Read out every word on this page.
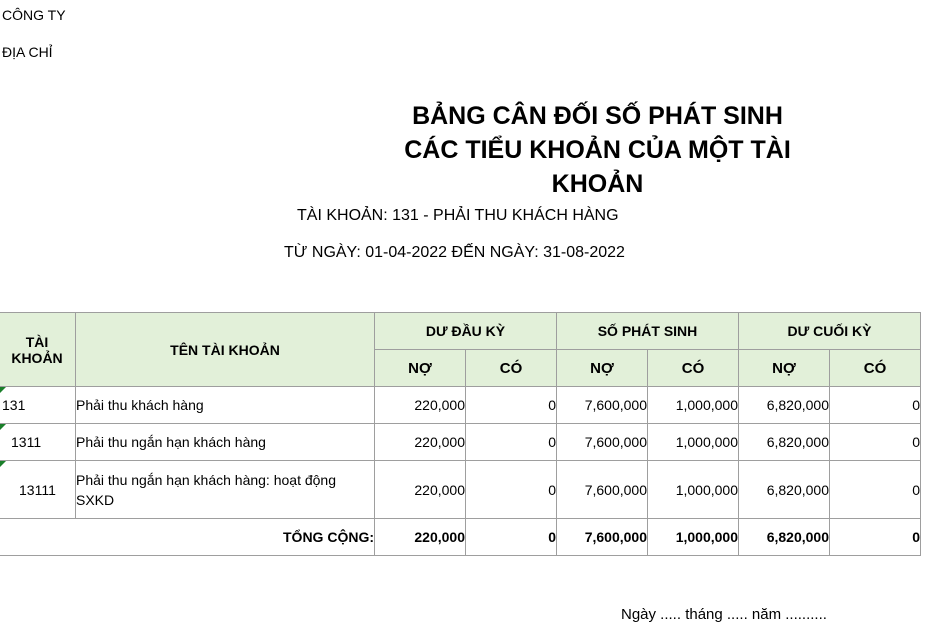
CÔNG TY
ĐỊA CHỈ
BẢNG CÂN ĐỐI SỐ PHÁT SINH
CÁC TIỂU KHOẢN CỦA MỘT TÀI
KHOẢN
TÀI KHOẢN: 131 - PHẢI THU KHÁCH HÀNG
TỪ NGÀY: 01-04-2022 ĐẾN NGÀY: 31-08-2022
TÀI
KHOẢN	TÊN TÀI KHOẢN	DƯ ĐẦU KỲ		SỐ PHÁT SINH		DƯ CUỐI KỲ	
		NỢ	CÓ	NỢ	CÓ	NỢ	CÓ

131	Phải thu khách hàng	220,000	0	7,600,000	1,000,000	6,820,000	0

1311	Phải thu ngắn hạn khách hàng	220,000	0	7,600,000	1,000,000	6,820,000	0

13111	Phải thu ngắn hạn khách hàng: hoạt động SXKD	220,000	0	7,600,000	1,000,000	6,820,000	0
TỔNG CỘNG:		220,000	0	7,600,000	1,000,000	6,820,000	0
Ngày ..... tháng ..... năm ..........
